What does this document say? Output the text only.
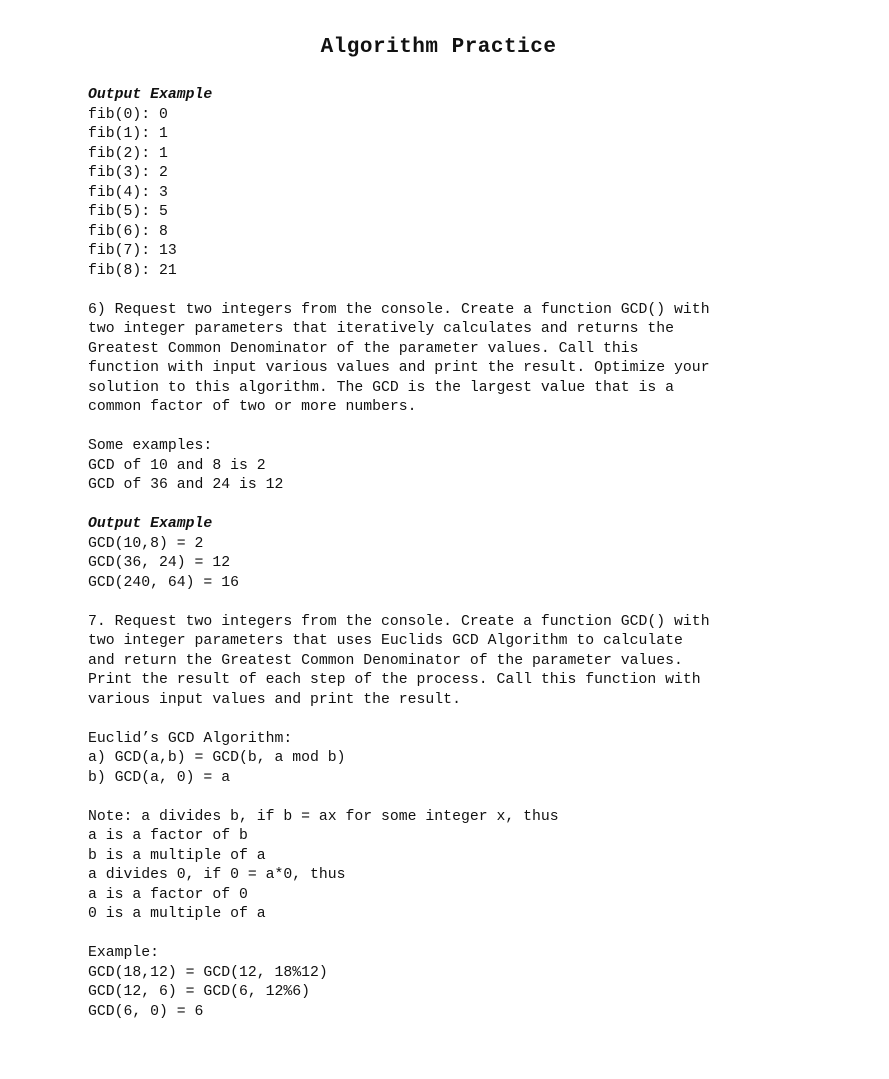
Algorithm Practice
Output Example
fib(0): 0
fib(1): 1
fib(2): 1
fib(3): 2
fib(4): 3
fib(5): 5
fib(6): 8
fib(7): 13
fib(8): 21
6) Request two integers from the console. Create a function GCD() with
two integer parameters that iteratively calculates and returns the
Greatest Common Denominator of the parameter values. Call this
function with input various values and print the result. Optimize your
solution to this algorithm. The GCD is the largest value that is a
common factor of two or more numbers.
Some examples:
GCD of 10 and 8 is 2
GCD of 36 and 24 is 12
Output Example
GCD(10,8) = 2
GCD(36, 24) = 12
GCD(240, 64) = 16
7. Request two integers from the console. Create a function GCD() with
two integer parameters that uses Euclids GCD Algorithm to calculate
and return the Greatest Common Denominator of the parameter values.
Print the result of each step of the process. Call this function with
various input values and print the result.
Euclid’s GCD Algorithm:
a) GCD(a,b) = GCD(b, a mod b)
b) GCD(a, 0) = a
Note: a divides b, if b = ax for some integer x, thus
a is a factor of b
b is a multiple of a
a divides 0, if 0 = a*0, thus
a is a factor of 0
0 is a multiple of a
Example:
GCD(18,12) = GCD(12, 18%12)
GCD(12, 6) = GCD(6, 12%6)
GCD(6, 0) = 6
